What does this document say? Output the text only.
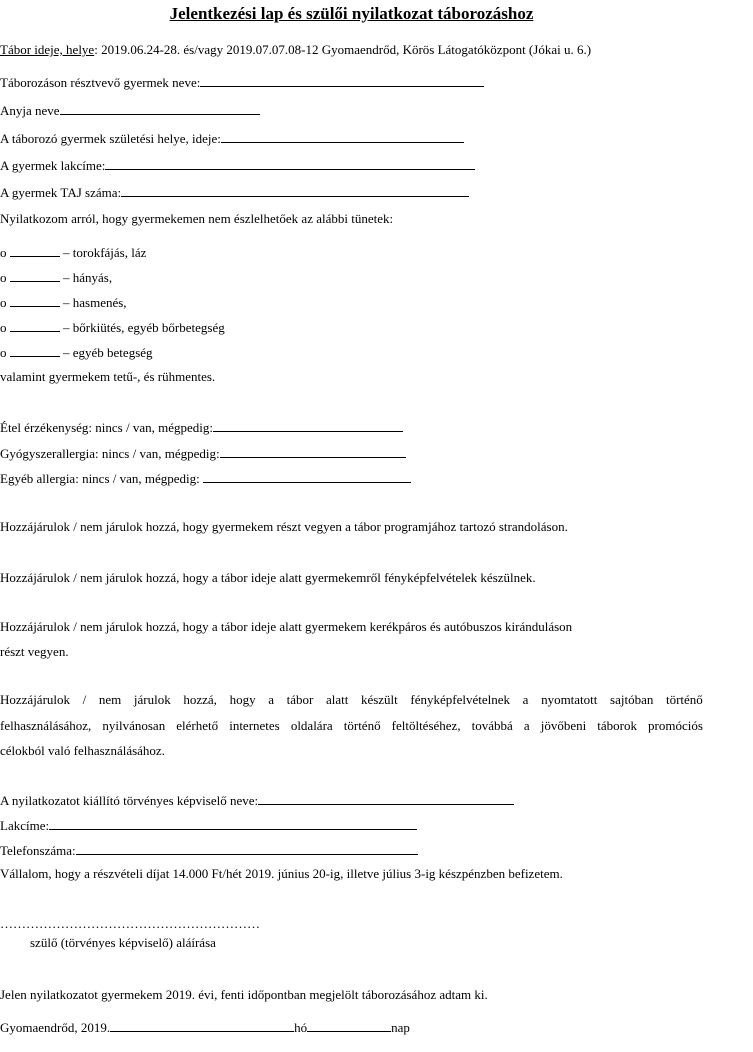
Jelentkezési lap és szülői nyilatkozat táborozáshoz
Tábor ideje, helye: 2019.06.24-28. és/vagy 2019.07.07.08-12 Gyomaendrőd, Körös Látogatóközpont (Jókai u. 6.)
Táborozáson résztvevő gyermek neve:
Anyja neve
A táborozó gyermek születési helye, ideje:
A gyermek lakcíme:
A gyermek TAJ száma:
Nyilatkozom arról, hogy gyermekemen nem észlelhetőek az alábbi tünetek:
o	– torokfájás, láz
o	– hányás,
o	– hasmenés,
o	– bőrkiütés, egyéb bőrbetegség
o	– egyéb betegség
valamint gyermekem tetű-, és rühmentes.
Étel érzékenység: nincs / van, mégpedig:
Gyógyszerallergia: nincs / van, mégpedig:
Egyéb allergia: nincs / van, mégpedig:
Hozzájárulok / nem járulok hozzá, hogy gyermekem részt vegyen a tábor programjához tartozó strandoláson.
Hozzájárulok / nem járulok hozzá, hogy a tábor ideje alatt gyermekemről fényképfelvételek készülnek.
Hozzájárulok / nem járulok hozzá, hogy a tábor ideje alatt gyermekem kerékpáros és autóbuszos kiránduláson
részt vegyen.
Hozzájárulok / nem járulok hozzá, hogy a tábor alatt készült fényképfelvételnek a nyomtatott sajtóban történő
felhasználásához, nyilvánosan elérhető internetes oldalára történő feltöltéséhez, továbbá a jövőbeni táborok promóciós
célokból való felhasználásához.
A nyilatkozatot kiállító törvényes képviselő neve:
Lakcíme:
Telefonszáma:
Vállalom, hogy a részvételi díjat 14.000 Ft/hét 2019. június 20-ig, illetve július 3-ig készpénzben befizetem.
……………………………………………………
szülő (törvényes képviselő) aláírása
Jelen nyilatkozatot gyermekem 2019. évi, fenti időpontban megjelölt táborozásához adtam ki.
Gyomaendrőd, 2019.	hó	nap
